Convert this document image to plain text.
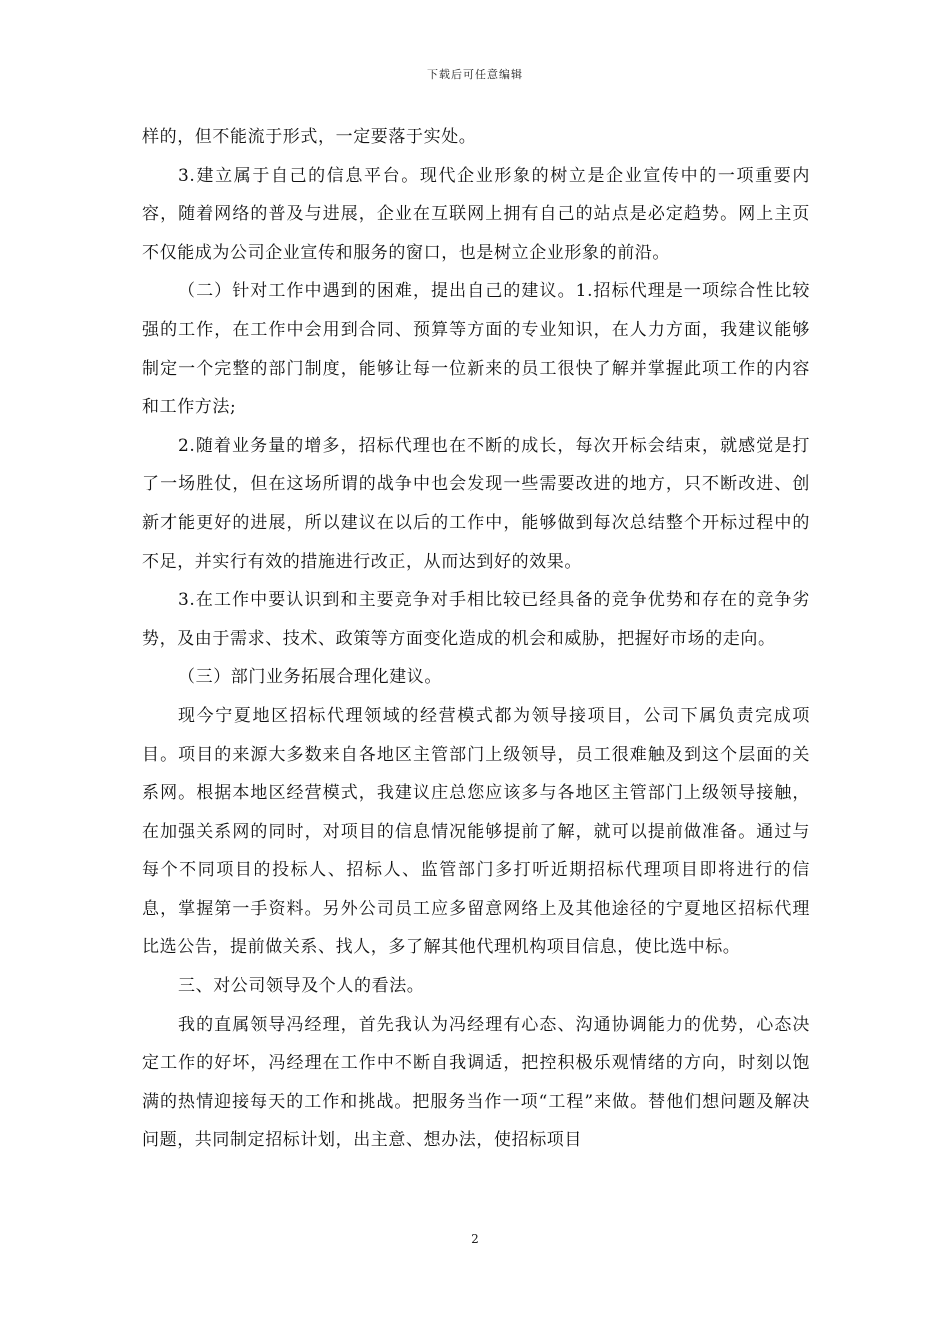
下载后可任意编辑

样的，但不能流于形式，一定要落于实处。

3.建立属于自己的信息平台。现代企业形象的树立是企业宣传中的一项重要内容，随着网络的普及与进展，企业在互联网上拥有自己的站点是必定趋势。网上主页不仅能成为公司企业宣传和服务的窗口，也是树立企业形象的前沿。

（二）针对工作中遇到的困难，提出自己的建议。1.招标代理是一项综合性比较强的工作，在工作中会用到合同、预算等方面的专业知识，在人力方面，我建议能够制定一个完整的部门制度，能够让每一位新来的员工很快了解并掌握此项工作的内容和工作方法;

2.随着业务量的增多，招标代理也在不断的成长，每次开标会结束，就感觉是打了一场胜仗，但在这场所谓的战争中也会发现一些需要改进的地方，只不断改进、创新才能更好的进展，所以建议在以后的工作中，能够做到每次总结整个开标过程中的不足，并实行有效的措施进行改正，从而达到好的效果。

3.在工作中要认识到和主要竞争对手相比较已经具备的竞争优势和存在的竞争劣势，及由于需求、技术、政策等方面变化造成的机会和威胁，把握好市场的走向。

（三）部门业务拓展合理化建议。

现今宁夏地区招标代理领域的经营模式都为领导接项目，公司下属负责完成项目。项目的来源大多数来自各地区主管部门上级领导，员工很难触及到这个层面的关系网。根据本地区经营模式，我建议庄总您应该多与各地区主管部门上级领导接触，在加强关系网的同时，对项目的信息情况能够提前了解，就可以提前做准备。通过与每个不同项目的投标人、招标人、监管部门多打听近期招标代理项目即将进行的信息，掌握第一手资料。另外公司员工应多留意网络上及其他途径的宁夏地区招标代理比选公告，提前做关系、找人，多了解其他代理机构项目信息，使比选中标。

三、对公司领导及个人的看法。

我的直属领导冯经理，首先我认为冯经理有心态、沟通协调能力的优势，心态决定工作的好坏，冯经理在工作中不断自我调适，把控积极乐观情绪的方向，时刻以饱满的热情迎接每天的工作和挑战。把服务当作一项“工程”来做。替他们想问题及解决问题，共同制定招标计划，出主意、想办法，使招标项目

2
